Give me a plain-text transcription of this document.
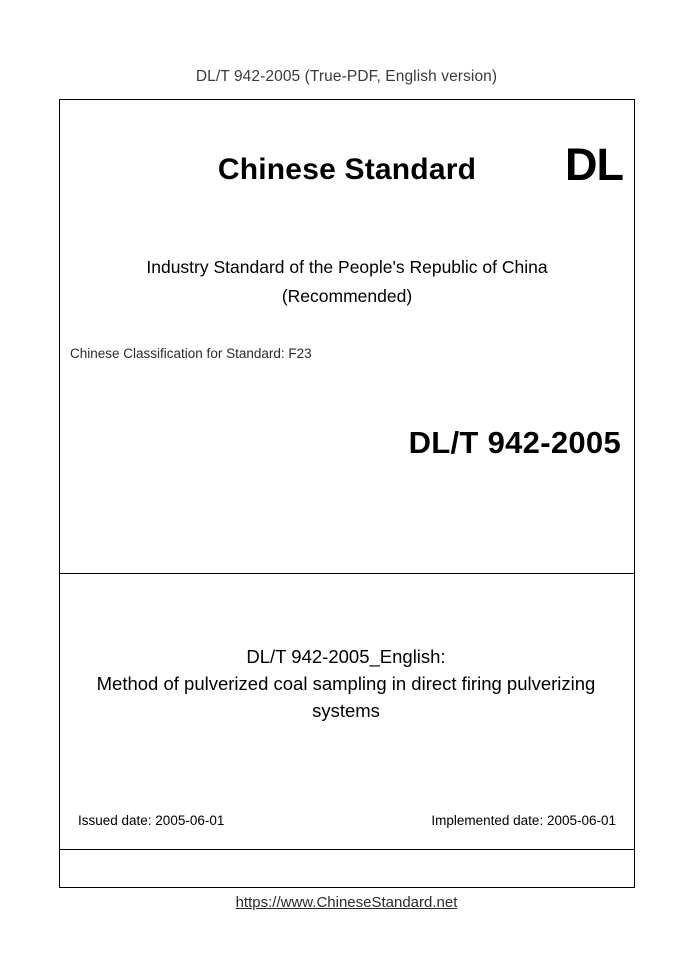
DL/T 942-2005 (True-PDF, English version)
Chinese Standard	DL
Industry Standard of the People's Republic of China
(Recommended)
Chinese Classification for Standard: F23
DL/T 942-2005
DL/T 942-2005_English:
Method of pulverized coal sampling in direct firing pulverizing
systems
Issued date: 2005-06-01	Implemented date: 2005-06-01
https://www.ChineseStandard.net
